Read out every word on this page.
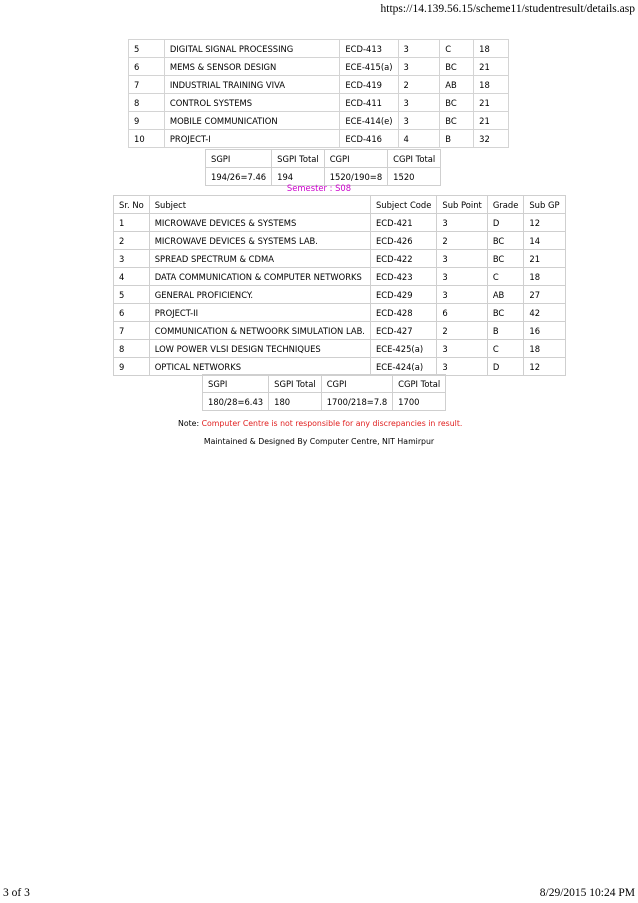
https://14.139.56.15/scheme11/studentresult/details.asp
5	DIGITAL SIGNAL PROCESSING	ECD-413	3	C	18
6	MEMS & SENSOR DESIGN	ECE-415(a)	3	BC	21
7	INDUSTRIAL TRAINING VIVA	ECD-419	2	AB	18
8	CONTROL SYSTEMS	ECD-411	3	BC	21
9	MOBILE COMMUNICATION	ECE-414(e)	3	BC	21
10	PROJECT-I	ECD-416	4	B	32
SGPI	SGPI Total	CGPI	CGPI Total
194/26=7.46	194	1520/190=8	1520
Semester : S08
Sr. No	Subject	Subject Code	Sub Point	Grade	Sub GP
1	MICROWAVE DEVICES & SYSTEMS	ECD-421	3	D	12
2	MICROWAVE DEVICES & SYSTEMS LAB.	ECD-426	2	BC	14
3	SPREAD SPECTRUM & CDMA	ECD-422	3	BC	21
4	DATA COMMUNICATION & COMPUTER NETWORKS	ECD-423	3	C	18
5	GENERAL PROFICIENCY.	ECD-429	3	AB	27
6	PROJECT-II	ECD-428	6	BC	42
7	COMMUNICATION & NETWOORK SIMULATION LAB.	ECD-427	2	B	16
8	LOW POWER VLSI DESIGN TECHNIQUES	ECE-425(a)	3	C	18
9	OPTICAL NETWORKS	ECE-424(a)	3	D	12
SGPI	SGPI Total	CGPI	CGPI Total
180/28=6.43	180	1700/218=7.8	1700
Note: Computer Centre is not responsible for any discrepancies in result.
Maintained & Designed By Computer Centre, NIT Hamirpur
3 of 3	8/29/2015 10:24 PM
